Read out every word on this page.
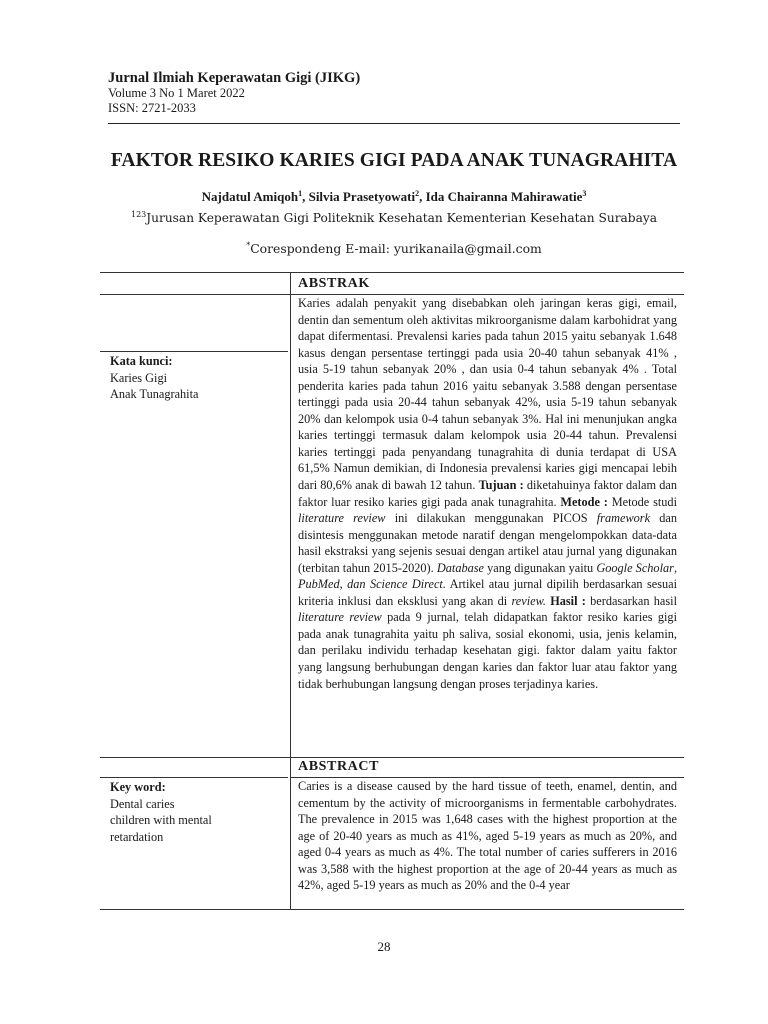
Jurnal Ilmiah Keperawatan Gigi (JIKG)
Volume 3 No 1 Maret 2022
ISSN: 2721-2033
FAKTOR RESIKO KARIES GIGI PADA ANAK TUNAGRAHITA
Najdatul Amiqoh$^1$, Silvia Prasetyowati$^2$, Ida Chairanna Mahirawatie$^3$
$^{123}$Jurusan Keperawatan Gigi Politeknik Kesehatan Kementerian Kesehatan Surabaya
*Corespondeng E-mail: yurikanaila@gmail.com
ABSTRAK
Kata kunci:
Karies Gigi
Anak Tunagrahita
Karies adalah penyakit yang disebabkan oleh jaringan keras gigi, email, dentin dan sementum oleh aktivitas mikroorganisme dalam karbohidrat yang dapat difermentasi. Prevalensi karies pada tahun 2015 yaitu sebanyak 1.648 kasus dengan persentase tertinggi pada usia 20-40 tahun sebanyak 41% , usia 5-19 tahun sebanyak 20% , dan usia 0-4 tahun sebanyak 4% . Total penderita karies pada tahun 2016 yaitu sebanyak 3.588 dengan persentase tertinggi pada usia 20-44 tahun sebanyak 42%, usia 5-19 tahun sebanyak 20% dan kelompok usia 0-4 tahun sebanyak 3%. Hal ini menunjukan angka karies tertinggi termasuk dalam kelompok usia 20-44 tahun. Prevalensi karies tertinggi pada penyandang tunagrahita di dunia terdapat di USA 61,5% Namun demikian, di Indonesia prevalensi karies gigi mencapai lebih dari 80,6% anak di bawah 12 tahun. Tujuan : diketahuinya faktor dalam dan faktor luar resiko karies gigi pada anak tunagrahita. Metode : Metode studi literature review ini dilakukan menggunakan PICOS framework dan disintesis menggunakan metode naratif dengan mengelompokkan data-data hasil ekstraksi yang sejenis sesuai dengan artikel atau jurnal yang digunakan (terbitan tahun 2015-2020). Database yang digunakan yaitu Google Scholar, PubMed, dan Science Direct. Artikel atau jurnal dipilih berdasarkan sesuai kriteria inklusi dan eksklusi yang akan di review. Hasil : berdasarkan hasil literature review pada 9 jurnal, telah didapatkan faktor resiko karies gigi pada anak tunagrahita yaitu ph saliva, sosial ekonomi, usia, jenis kelamin, dan perilaku individu terhadap kesehatan gigi. faktor dalam yaitu faktor yang langsung berhubungan dengan karies dan faktor luar atau faktor yang tidak berhubungan langsung dengan proses terjadinya karies.
ABSTRACT
Key word:
Dental caries
children with mental
retardation
Caries is a disease caused by the hard tissue of teeth, enamel, dentin, and cementum by the activity of microorganisms in fermentable carbohydrates. The prevalence in 2015 was 1,648 cases with the highest proportion at the age of 20-40 years as much as 41%, aged 5-19 years as much as 20%, and aged 0-4 years as much as 4%. The total number of caries sufferers in 2016 was 3,588 with the highest proportion at the age of 20-44 years as much as 42%, aged 5-19 years as much as 20% and the 0-4 year
28
